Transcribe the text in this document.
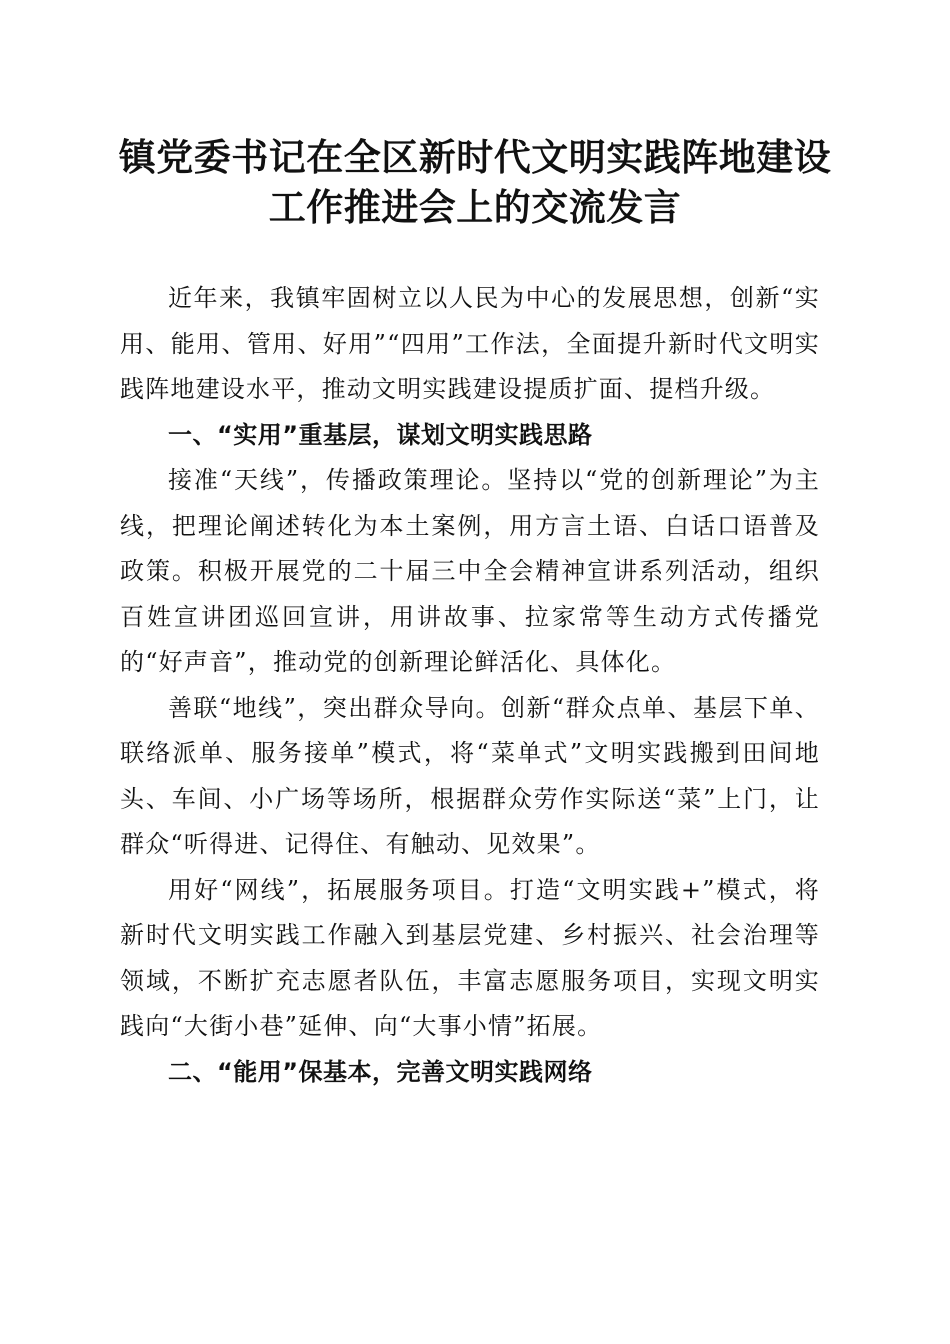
镇党委书记在全区新时代文明实践阵地建设工作推进会上的交流发言

近年来，我镇牢固树立以人民为中心的发展思想，创新“实用、能用、管用、好用”“四用”工作法，全面提升新时代文明实践阵地建设水平，推动文明实践建设提质扩面、提档升级。

一、“实用”重基层，谋划文明实践思路

接准“天线”，传播政策理论。坚持以“党的创新理论”为主线，把理论阐述转化为本土案例，用方言土语、白话口语普及政策。积极开展党的二十届三中全会精神宣讲系列活动，组织百姓宣讲团巡回宣讲，用讲故事、拉家常等生动方式传播党的“好声音”，推动党的创新理论鲜活化、具体化。

善联“地线”，突出群众导向。创新“群众点单、基层下单、联络派单、服务接单”模式，将“菜单式”文明实践搬到田间地头、车间、小广场等场所，根据群众劳作实际送“菜”上门，让群众“听得进、记得住、有触动、见效果”。

用好“网线”，拓展服务项目。打造“文明实践+”模式，将新时代文明实践工作融入到基层党建、乡村振兴、社会治理等领域，不断扩充志愿者队伍，丰富志愿服务项目，实现文明实践向“大街小巷”延伸、向“大事小情”拓展。

二、“能用”保基本，完善文明实践网络
